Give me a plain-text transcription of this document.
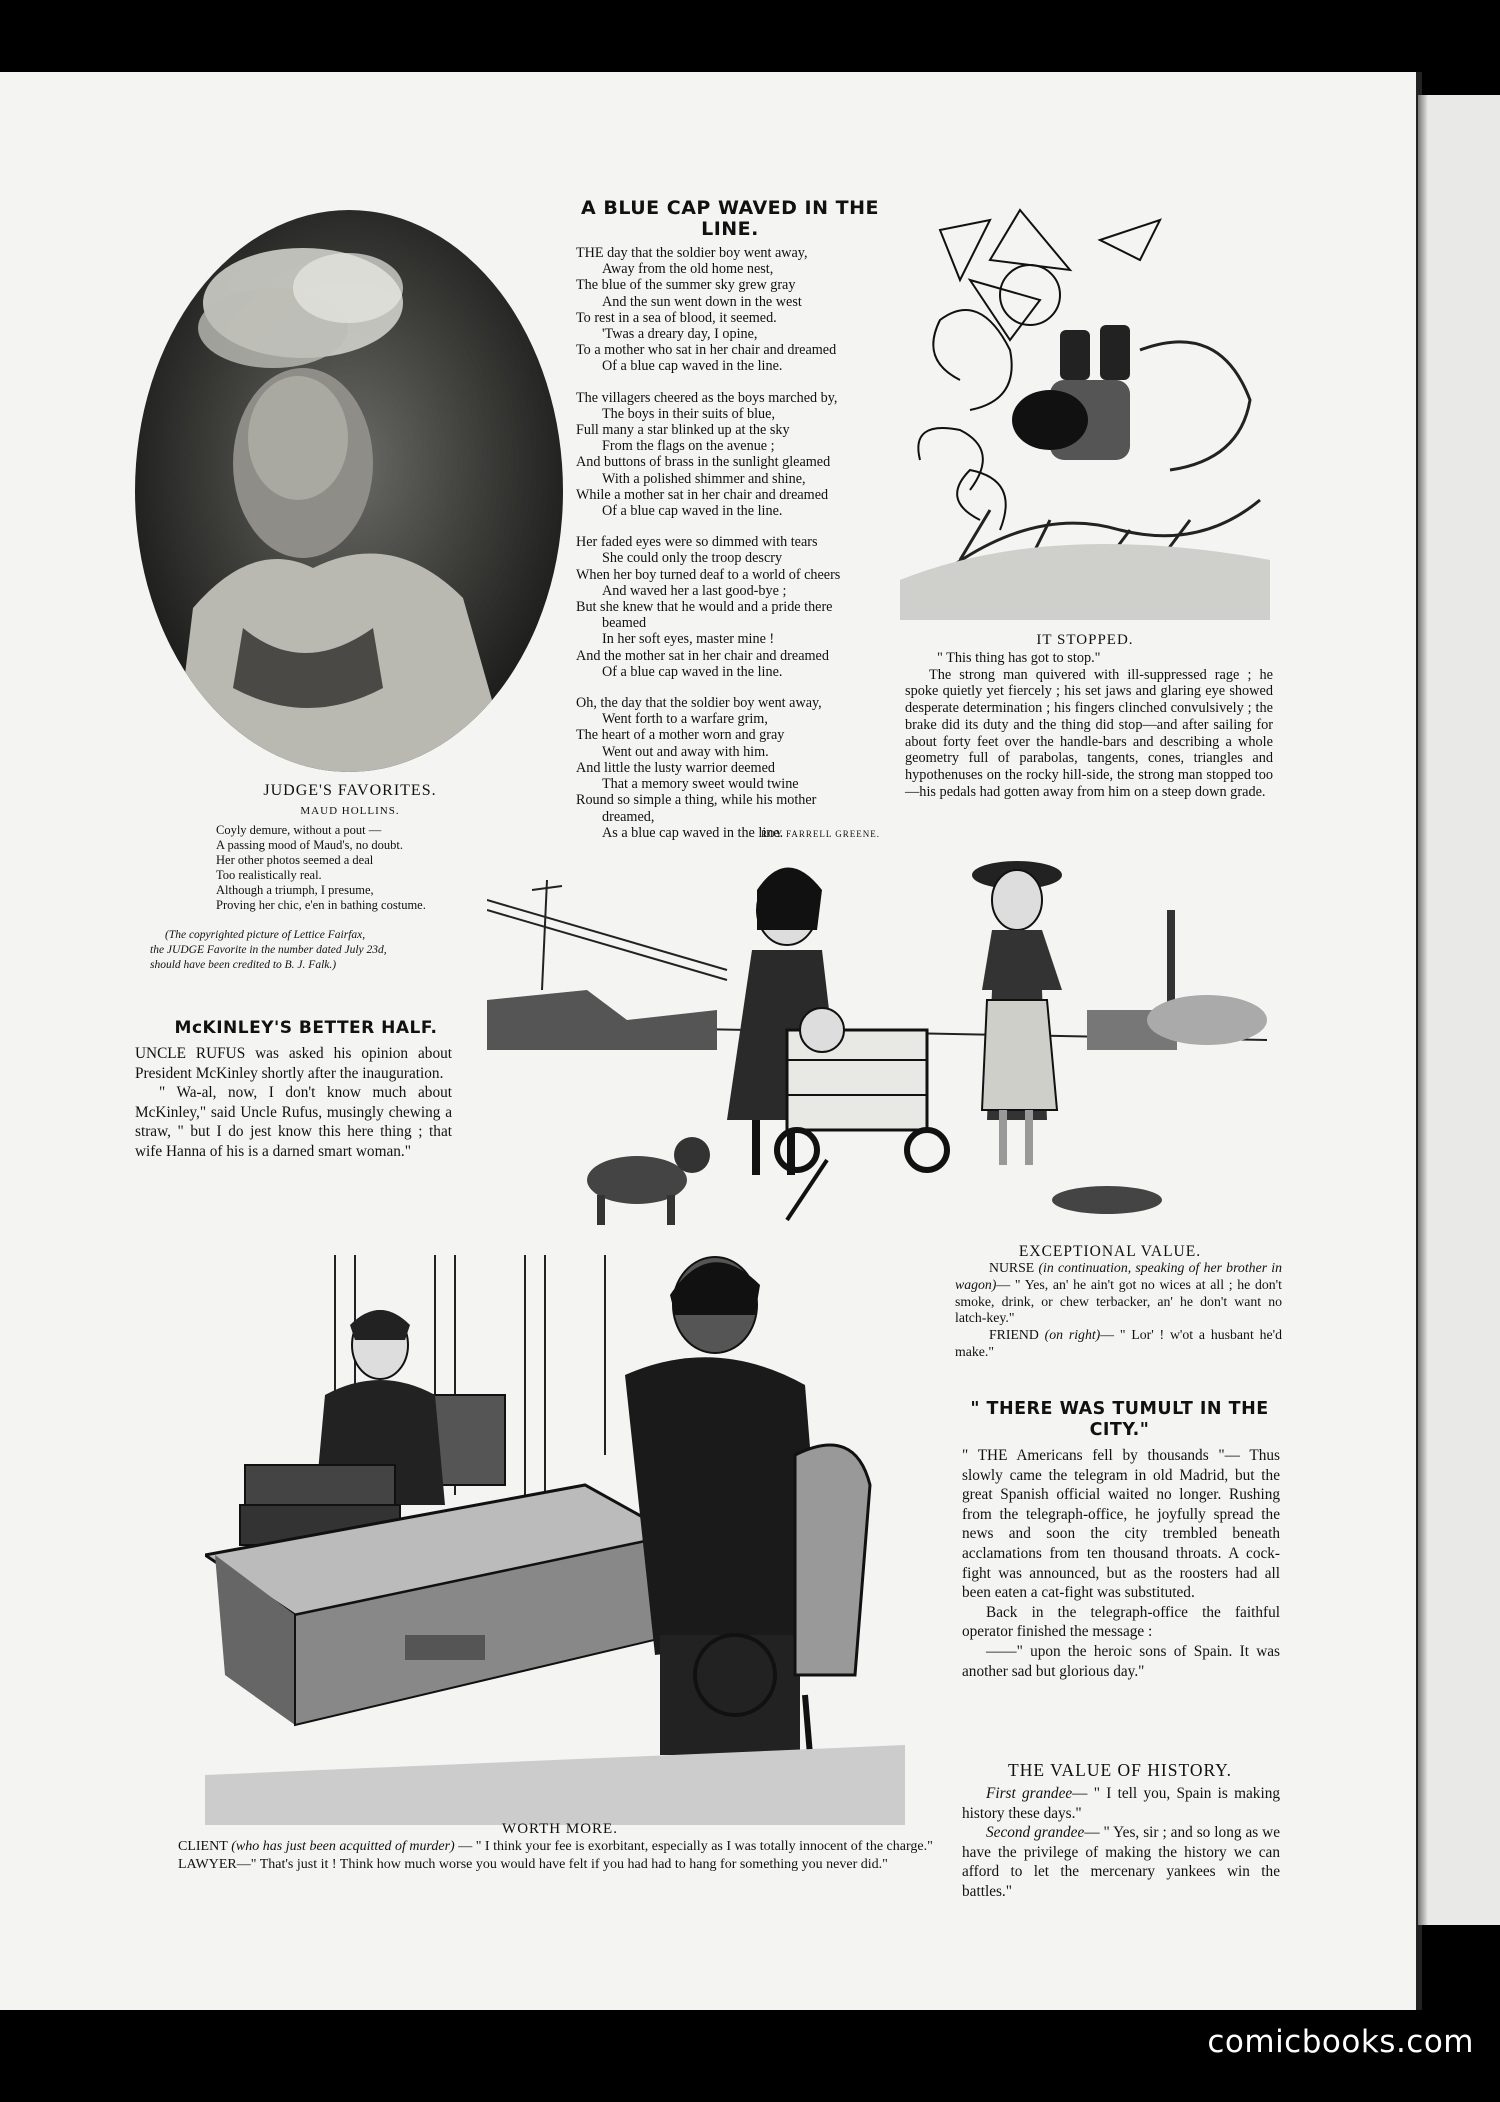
comicbooks.com
JUDGE'S FAVORITES.
MAUD HOLLINS.
Coyly demure, without a pout —
A passing mood of Maud's, no doubt.
Her other photos seemed a deal
Too realistically real.
Although a triumph, I presume,
Proving her chic, e'en in bathing costume.
(The copyrighted picture of Lettice Fairfax,
the JUDGE Favorite in the number dated July 23d,
should have been credited to B. J. Falk.)
A BLUE CAP WAVED IN THE LINE.
THE day that the soldier boy went away,
Away from the old home nest,
The blue of the summer sky grew gray
And the sun went down in the west
To rest in a sea of blood, it seemed.
'Twas a dreary day, I opine,
To a mother who sat in her chair and dreamed
Of a blue cap waved in the line.
The villagers cheered as the boys marched by,
The boys in their suits of blue,
Full many a star blinked up at the sky
From the flags on the avenue ;
And buttons of brass in the sunlight gleamed
With a polished shimmer and shine,
While a mother sat in her chair and dreamed
Of a blue cap waved in the line.
Her faded eyes were so dimmed with tears
She could only the troop descry
When her boy turned deaf to a world of cheers
And waved her a last good-bye ;
But she knew that he would and a pride there
beamed
In her soft eyes, master mine !
And the mother sat in her chair and dreamed
Of a blue cap waved in the line.
Oh, the day that the soldier boy went away,
Went forth to a warfare grim,
The heart of a mother worn and gray
Went out and away with him.
And little the lusty warrior deemed
That a memory sweet would twine
Round so simple a thing, while his mother
dreamed,
As a blue cap waved in the line.
ROY FARRELL GREENE.
IT STOPPED.

" This thing has got to stop."

The strong man quivered with ill-suppressed rage ; he spoke quietly yet fiercely ; his set jaws and glaring eye showed desperate determination ; his fingers clinched convulsively ; the brake did its duty and the thing did stop—and after sailing for about forty feet over the handle-bars and describing a whole geometry full of parabolas, tangents, cones, triangles and hypothenuses on the rocky hill-side, the strong man stopped too—his pedals had gotten away from him on a steep down grade.

McKINLEY'S BETTER HALF.

UNCLE RUFUS was asked his opinion about President McKinley shortly after the inauguration.

" Wa-al, now, I don't know much about McKinley," said Uncle Rufus, musingly chewing a straw, " but I do jest know this here thing ; that wife Hanna of his is a darned smart woman."

EXCEPTIONAL VALUE.

NURSE (in continuation, speaking of her brother in wagon)— " Yes, an' he ain't got no wices at all ; he don't smoke, drink, or chew terbacker, an' he don't want no latch-key."

FRIEND (on right)— " Lor' ! w'ot a husbant he'd make."

WORTH MORE.

CLIENT (who has just been acquitted of murder) — " I think your fee is exorbitant, especially as I was totally innocent of the charge."

LAWYER—" That's just it ! Think how much worse you would have felt if you had had to hang for something you never did."

" THERE WAS TUMULT IN THE CITY."

" THE Americans fell by thousands "— Thus slowly came the telegram in old Madrid, but the great Spanish official waited no longer. Rushing from the telegraph-office, he joyfully spread the news and soon the city trembled beneath acclamations from ten thousand throats. A cock-fight was announced, but as the roosters had all been eaten a cat-fight was substituted.

Back in the telegraph-office the faithful operator finished the message :

——" upon the heroic sons of Spain. It was another sad but glorious day."

THE VALUE OF HISTORY.

First grandee— " I tell you, Spain is making history these days."

Second grandee— " Yes, sir ; and so long as we have the privilege of making the history we can afford to let the mercenary yankees win the battles."
